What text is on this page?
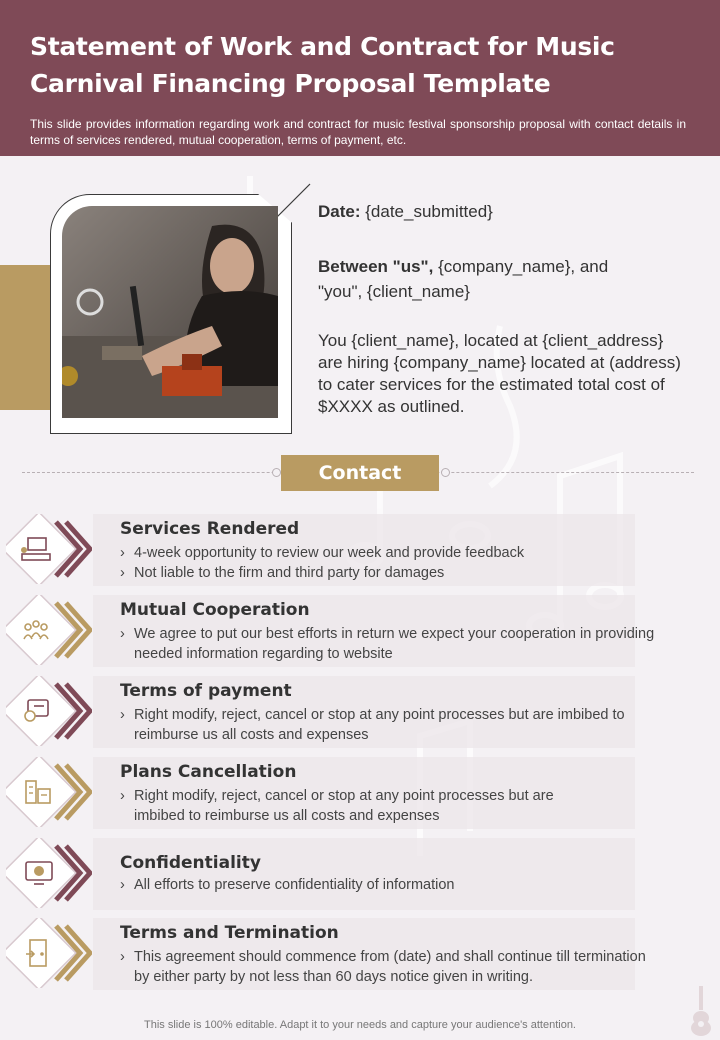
Statement of Work and Contract for Music Carnival Financing Proposal Template
This slide provides information regarding work and contract for music festival sponsorship proposal with contact details in terms of services rendered, mutual cooperation, terms of payment, etc.
Date: {date_submitted}
Between "us", {company_name}, and
"you", {client_name}
You {client_name}, located at {client_address} are hiring {company_name} located at (address) to cater services for the estimated total cost of $XXXX as outlined.
Contact
Services Rendered
› 4-week opportunity to review our week and provide feedback
› Not liable to the firm and third party for damages
Mutual Cooperation
› We agree to put our best efforts in return we expect your cooperation in providing needed information regarding to website
Terms of payment
› Right modify, reject, cancel or stop at any point processes but are imbibed to reimburse us all costs and expenses
Plans Cancellation
› Right modify, reject, cancel or stop at any point processes but are imbibed to reimburse us all costs and expenses
Confidentiality
› All efforts to preserve confidentiality of information
Terms and Termination
› This agreement should commence from (date) and shall continue till termination by either party by not less than 60 days notice given in writing.
This slide is 100% editable. Adapt it to your needs and capture your audience's attention.
